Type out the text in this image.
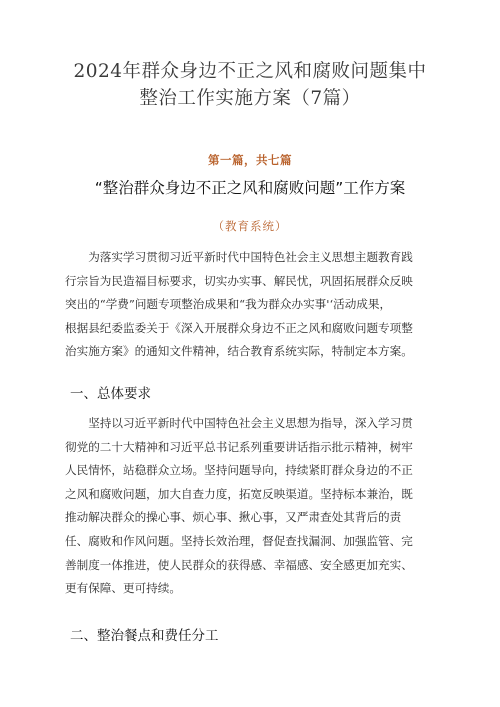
2024年群众身边不正之风和腐败问题集中
整治工作实施方案（7篇）
第一篇，共七篇
“整治群众身边不正之风和腐败问题”工作方案
（教育系统）
为落实学习贯彻习近平新时代中国特色社会主义思想主题教育践
行宗旨为民造福目标要求，切实办实事、解民忧，巩固拓展群众反映
突出的“学费”问题专项整治成果和“我为群众办实事'‘活动成果，
根据县纪委监委关于《深入开展群众身边不正之风和腐败问题专项整
治实施方案》的通知文件精神，结合教育系统实际，特制定本方案。
一、总体要求
坚持以习近平新时代中国特色社会主义思想为指导，深入学习贯
彻党的二十大精神和习近平总书记系列重要讲话指示批示精神，树牢
人民情怀，站稳群众立场。坚持问题导向，持续紧盯群众身边的不正
之风和腐败问题，加大自查力度，拓宽反映渠道。坚持标本兼治，既
推动解决群众的操心事、烦心事、揪心事，又严肃查处其背后的责
任、腐败和作风问题。坚持长效治理，督促查找漏洞、加强监管、完
善制度一体推进，使人民群众的获得感、幸福感、安全感更加充实、
更有保障、更可持续。
二、整治餐点和费任分工
